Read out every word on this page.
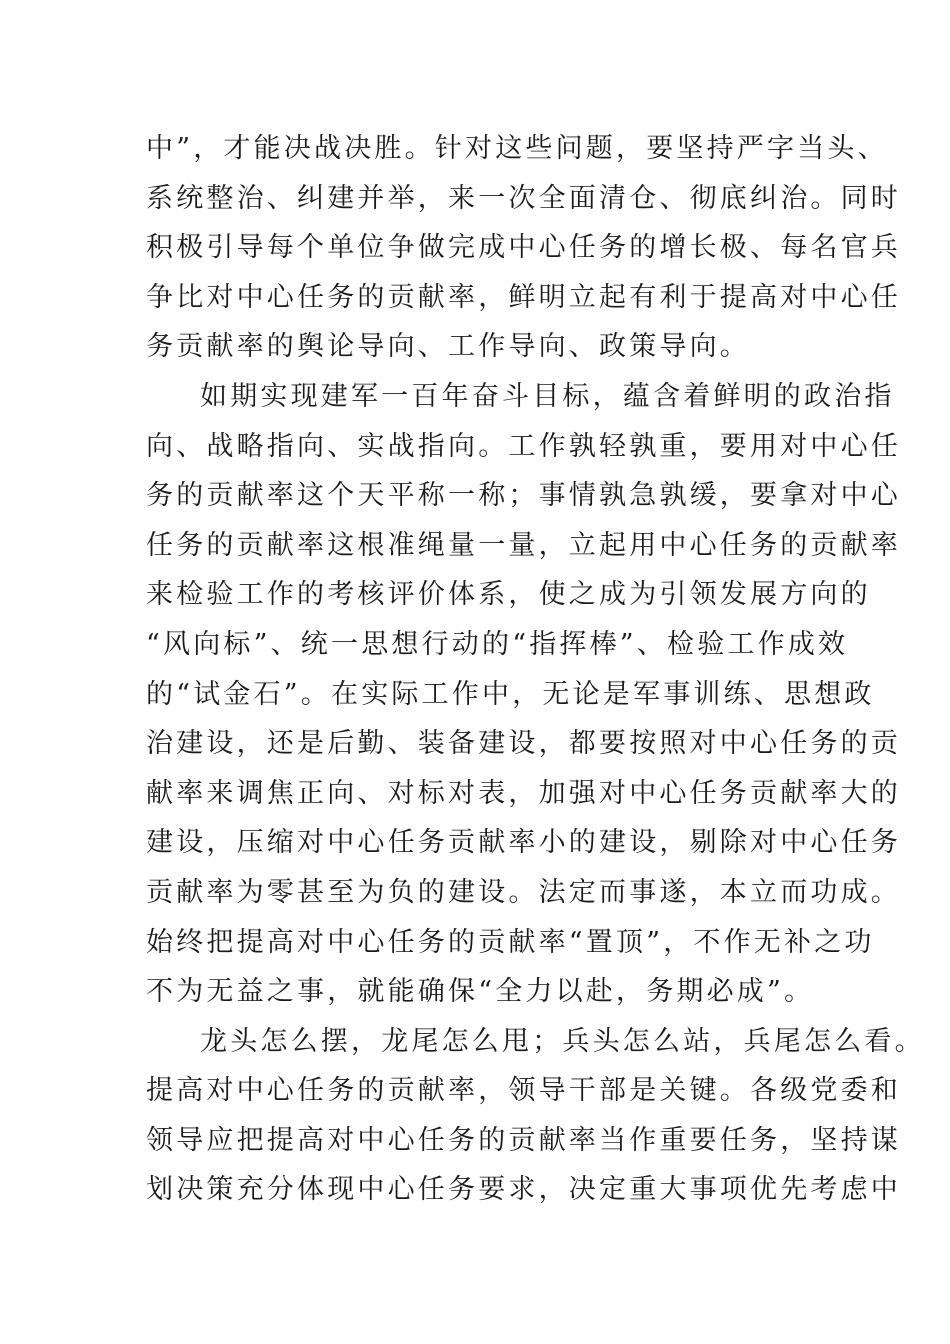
中”，才能决战决胜。针对这些问题，要坚持严字当头、
系统整治、纠建并举，来一次全面清仓、彻底纠治。同时
积极引导每个单位争做完成中心任务的增长极、每名官兵
争比对中心任务的贡献率，鲜明立起有利于提高对中心任
务贡献率的舆论导向、工作导向、政策导向。
如期实现建军一百年奋斗目标，蕴含着鲜明的政治指
向、战略指向、实战指向。工作孰轻孰重，要用对中心任
务的贡献率这个天平称一称；事情孰急孰缓，要拿对中心
任务的贡献率这根准绳量一量，立起用中心任务的贡献率
来检验工作的考核评价体系，使之成为引领发展方向的
“风向标”、统一思想行动的“指挥棒”、检验工作成效
的“试金石”。在实际工作中，无论是军事训练、思想政
治建设，还是后勤、装备建设，都要按照对中心任务的贡
献率来调焦正向、对标对表，加强对中心任务贡献率大的
建设，压缩对中心任务贡献率小的建设，剔除对中心任务
贡献率为零甚至为负的建设。法定而事遂，本立而功成。
始终把提高对中心任务的贡献率“置顶”，不作无补之功
不为无益之事，就能确保“全力以赴，务期必成”。
龙头怎么摆，龙尾怎么甩；兵头怎么站，兵尾怎么看。
提高对中心任务的贡献率，领导干部是关键。各级党委和
领导应把提高对中心任务的贡献率当作重要任务，坚持谋
划决策充分体现中心任务要求，决定重大事项优先考虑中
